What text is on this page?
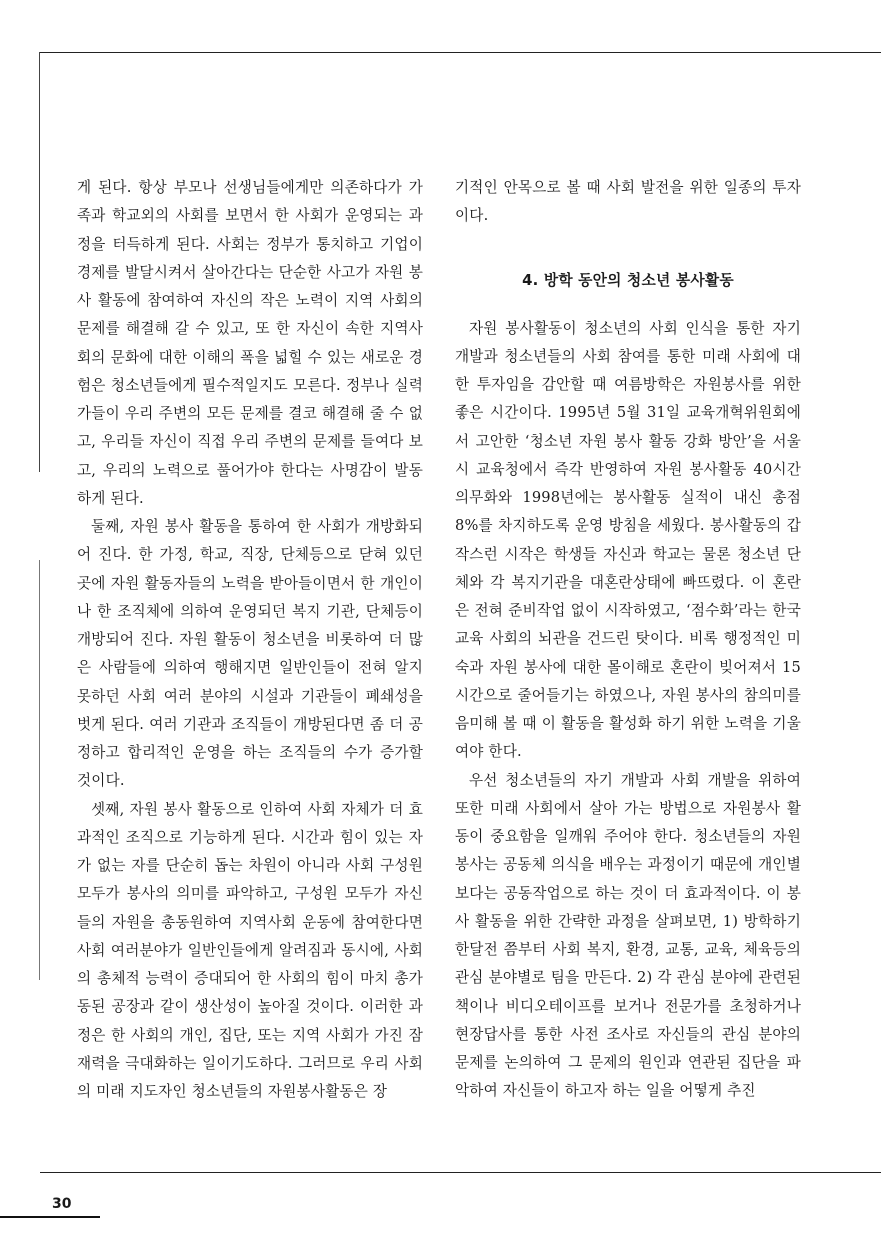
게 된다. 항상 부모나 선생님들에게만 의존하다가 가족과 학교외의 사회를 보면서 한 사회가 운영되는 과정을 터득하게 된다. 사회는 정부가 통치하고 기업이 경제를 발달시켜서 살아간다는 단순한 사고가 자원 봉사 활동에 참여하여 자신의 작은 노력이 지역 사회의 문제를 해결해 갈 수 있고, 또 한 자신이 속한 지역사회의 문화에 대한 이해의 폭을 넓힐 수 있는 새로운 경험은 청소년들에게 필수적일지도 모른다. 정부나 실력가들이 우리 주변의 모든 문제를 결코 해결해 줄 수 없고, 우리들 자신이 직접 우리 주변의 문제를 들여다 보고, 우리의 노력으로 풀어가야 한다는 사명감이 발동하게 된다.

둘째, 자원 봉사 활동을 통하여 한 사회가 개방화되어 진다. 한 가정, 학교, 직장, 단체등으로 닫혀 있던 곳에 자원 활동자들의 노력을 받아들이면서 한 개인이나 한 조직체에 의하여 운영되던 복지 기관, 단체등이 개방되어 진다. 자원 활동이 청소년을 비롯하여 더 많은 사람들에 의하여 행해지면 일반인들이 전혀 알지 못하던 사회 여러 분야의 시설과 기관들이 폐쇄성을 벗게 된다. 여러 기관과 조직들이 개방된다면 좀 더 공정하고 합리적인 운영을 하는 조직들의 수가 증가할 것이다.

셋째, 자원 봉사 활동으로 인하여 사회 자체가 더 효과적인 조직으로 기능하게 된다. 시간과 힘이 있는 자가 없는 자를 단순히 돕는 차원이 아니라 사회 구성원 모두가 봉사의 의미를 파악하고, 구성원 모두가 자신들의 자원을 총동원하여 지역사회 운동에 참여한다면 사회 여러분야가 일반인들에게 알려짐과 동시에, 사회의 총체적 능력이 증대되어 한 사회의 힘이 마치 총가동된 공장과 같이 생산성이 높아질 것이다. 이러한 과정은 한 사회의 개인, 집단, 또는 지역 사회가 가진 잠재력을 극대화하는 일이기도하다. 그러므로 우리 사회의 미래 지도자인 청소년들의 자원봉사활동은 장

기적인 안목으로 볼 때 사회 발전을 위한 일종의 투자이다.

4. 방학 동안의 청소년 봉사활동

자원 봉사활동이 청소년의 사회 인식을 통한 자기 개발과 청소년들의 사회 참여를 통한 미래 사회에 대한 투자임을 감안할 때 여름방학은 자원봉사를 위한 좋은 시간이다. 1995년 5월 31일 교육개혁위원회에서 고안한 ‘청소년 자원 봉사 활동 강화 방안’을 서울시 교육청에서 즉각 반영하여 자원 봉사활동 40시간 의무화와 1998년에는 봉사활동 실적이 내신 총점 8%를 차지하도록 운영 방침을 세웠다. 봉사활동의 갑작스런 시작은 학생들 자신과 학교는 물론 청소년 단체와 각 복지기관을 대혼란상태에 빠뜨렸다. 이 혼란은 전혀 준비작업 없이 시작하였고, ‘점수화’라는 한국 교육 사회의 뇌관을 건드린 탓이다. 비록 행정적인 미숙과 자원 봉사에 대한 몰이해로 혼란이 빚어져서 15시간으로 줄어들기는 하였으나, 자원 봉사의 참의미를 음미해 볼 때 이 활동을 활성화 하기 위한 노력을 기울여야 한다.

우선 청소년들의 자기 개발과 사회 개발을 위하여 또한 미래 사회에서 살아 가는 방법으로 자원봉사 활동이 중요함을 일깨워 주어야 한다. 청소년들의 자원 봉사는 공동체 의식을 배우는 과정이기 때문에 개인별 보다는 공동작업으로 하는 것이 더 효과적이다. 이 봉사 활동을 위한 간략한 과정을 살펴보면, 1) 방학하기 한달전 쯤부터 사회 복지, 환경, 교통, 교육, 체육등의 관심 분야별로 팀을 만든다. 2) 각 관심 분야에 관련된 책이나 비디오테이프를 보거나 전문가를 초청하거나 현장답사를 통한 사전 조사로 자신들의 관심 분야의 문제를 논의하여 그 문제의 원인과 연관된 집단을 파악하여 자신들이 하고자 하는 일을 어떻게 추진

30
